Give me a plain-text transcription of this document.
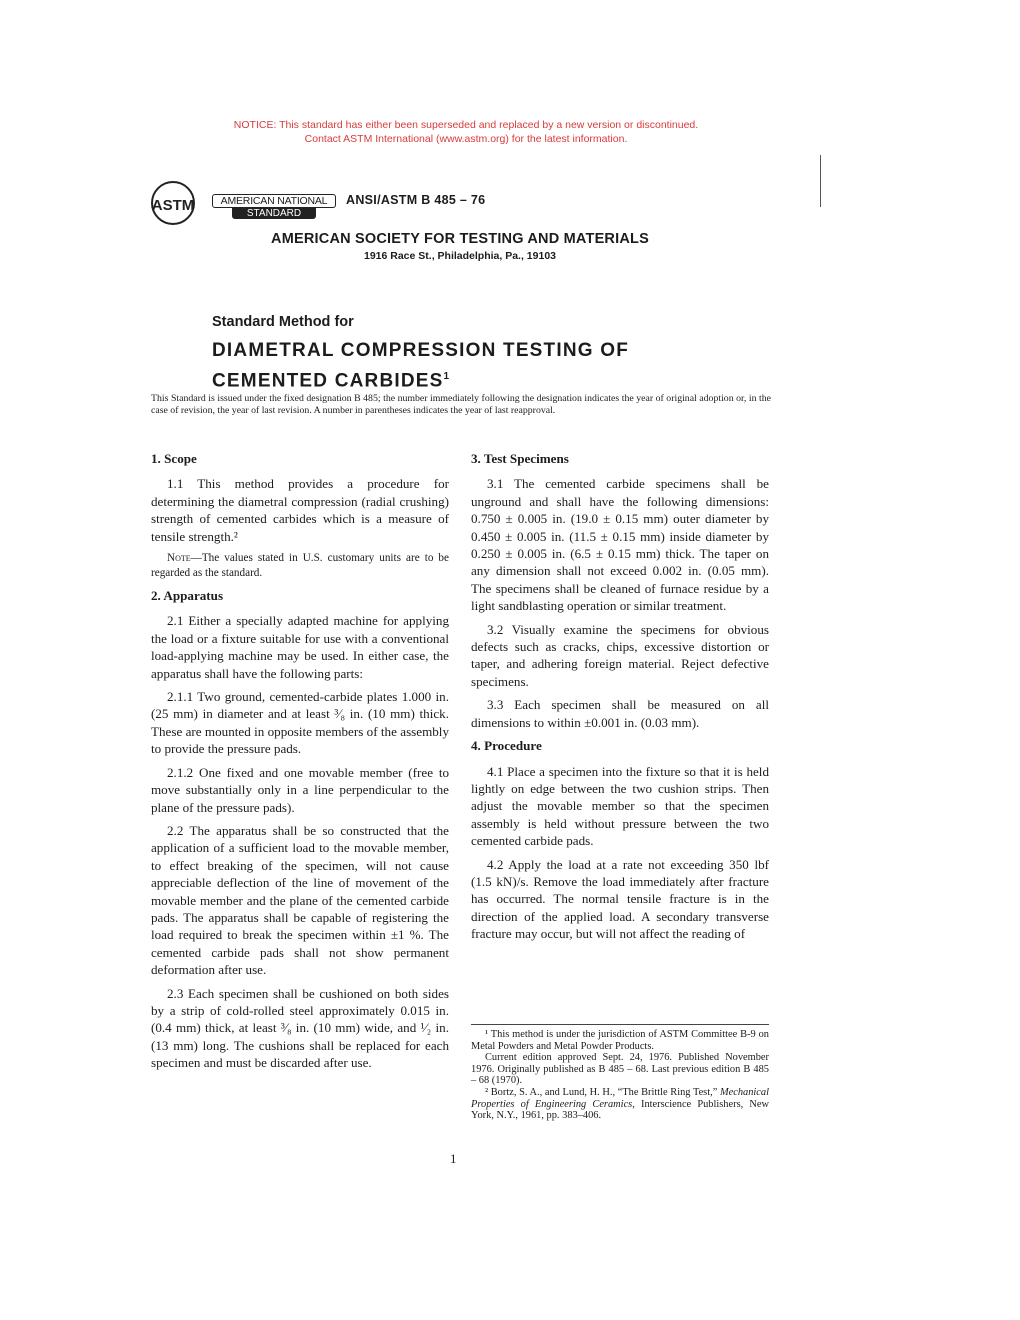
NOTICE: This standard has either been superseded and replaced by a new version or discontinued.
Contact ASTM International (www.astm.org) for the latest information.
ASTM	AMERICAN NATIONAL
STANDARD
ANSI/ASTM B 485 – 76
AMERICAN SOCIETY FOR TESTING AND MATERIALS
1916 Race St., Philadelphia, Pa., 19103
Standard Method for
DIAMETRAL COMPRESSION TESTING OF
CEMENTED CARBIDES$^1$
This Standard is issued under the fixed designation B 485; the number immediately following the designation indicates the year of original adoption or, in the case of revision, the year of last revision. A number in parentheses indicates the year of last reapproval.

1. Scope

1.1 This method provides a procedure for determining the diametral compression (radial crushing) strength of cemented carbides which is a measure of tensile strength.²

Note—The values stated in U.S. customary units are to be regarded as the standard.

2. Apparatus

2.1 Either a specially adapted machine for applying the load or a fixture suitable for use with a conventional load-applying machine may be used. In either case, the apparatus shall have the following parts:

2.1.1 Two ground, cemented-carbide plates 1.000 in. (25 mm) in diameter and at least ³⁄₈ in. (10 mm) thick. These are mounted in opposite members of the assembly to provide the pressure pads.

2.1.2 One fixed and one movable member (free to move substantially only in a line perpendicular to the plane of the pressure pads).

2.2 The apparatus shall be so constructed that the application of a sufficient load to the movable member, to effect breaking of the specimen, will not cause appreciable deflection of the line of movement of the movable member and the plane of the cemented carbide pads. The apparatus shall be capable of registering the load required to break the specimen within ±1 %. The cemented carbide pads shall not show permanent deformation after use.

2.3 Each specimen shall be cushioned on both sides by a strip of cold-rolled steel approximately 0.015 in. (0.4 mm) thick, at least ³⁄₈ in. (10 mm) wide, and ¹⁄₂ in. (13 mm) long. The cushions shall be replaced for each specimen and must be discarded after use.

3. Test Specimens

3.1 The cemented carbide specimens shall be unground and shall have the following dimensions: 0.750 ± 0.005 in. (19.0 ± 0.15 mm) outer diameter by 0.450 ± 0.005 in. (11.5 ± 0.15 mm) inside diameter by 0.250 ± 0.005 in. (6.5 ± 0.15 mm) thick. The taper on any dimension shall not exceed 0.002 in. (0.05 mm). The specimens shall be cleaned of furnace residue by a light sandblasting operation or similar treatment.

3.2 Visually examine the specimens for obvious defects such as cracks, chips, excessive distortion or taper, and adhering foreign material. Reject defective specimens.

3.3 Each specimen shall be measured on all dimensions to within ±0.001 in. (0.03 mm).

4. Procedure

4.1 Place a specimen into the fixture so that it is held lightly on edge between the two cushion strips. Then adjust the movable member so that the specimen assembly is held without pressure between the two cemented carbide pads.

4.2 Apply the load at a rate not exceeding 350 lbf (1.5 kN)/s. Remove the load immediately after fracture has occurred. The normal tensile fracture is in the direction of the applied load. A secondary transverse fracture may occur, but will not affect the reading of

¹ This method is under the jurisdiction of ASTM Committee B-9 on Metal Powders and Metal Powder Products.

Current edition approved Sept. 24, 1976. Published November 1976. Originally published as B 485 – 68. Last previous edition B 485 – 68 (1970).

² Bortz, S. A., and Lund, H. H., “The Brittle Ring Test,” Mechanical Properties of Engineering Ceramics, Interscience Publishers, New York, N.Y., 1961, pp. 383–406.

1
